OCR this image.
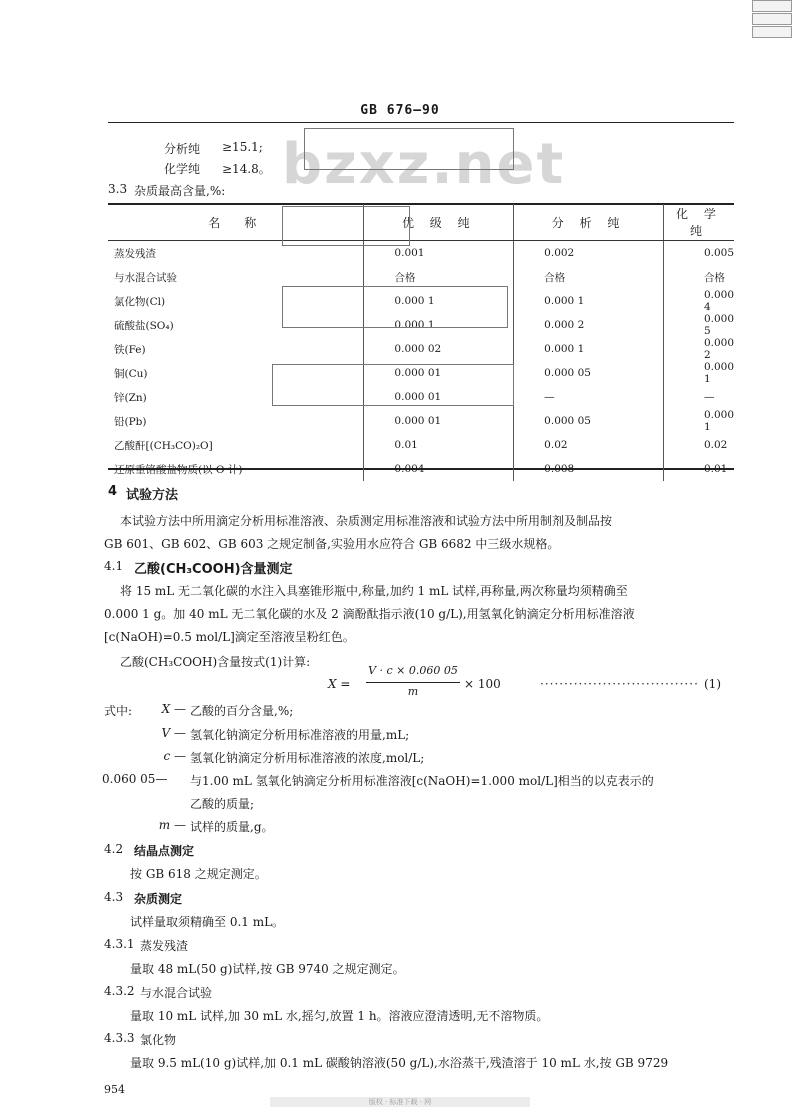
GB 676—90
bzxz.net
分析纯 ≥15.1;
化学纯 ≥14.8。
3.3 杂质最高含量,%:
名　称	优 级 纯	分 析 纯	化 学 纯
蒸发残渣	0.001	0.002	0.005
与水混合试验	合格	合格	合格
氯化物(Cl)	0.000 1	0.000 1	0.000 4
硫酸盐(SO₄)	0.000 1	0.000 2	0.000 5
铁(Fe)	0.000 02	0.000 1	0.000 2
铜(Cu)	0.000 01	0.000 05	0.000 1
锌(Zn)	0.000 01	—	—
铅(Pb)	0.000 01	0.000 05	0.000 1
乙酸酐[(CH₃CO)₂O]	0.01	0.02	0.02
还原重铬酸盐物质(以 O 计)	0.004	0.008	0.01
4 试验方法
本试验方法中所用滴定分析用标准溶液、杂质测定用标准溶液和试验方法中所用制剂及制品按
GB 601、GB 602、GB 603 之规定制备,实验用水应符合 GB 6682 中三级水规格。
4.1 乙酸(CH₃COOH)含量测定
将 15 mL 无二氧化碳的水注入具塞锥形瓶中,称量,加约 1 mL 试样,再称量,两次称量均须精确至
0.000 1 g。加 40 mL 无二氧化碳的水及 2 滴酚酞指示液(10 g/L),用氢氧化钠滴定分析用标准溶液
[c(NaOH)=0.5 mol/L]滴定至溶液呈粉红色。
乙酸(CH₃COOH)含量按式(1)计算:
X =
V · c × 0.060 05
m
× 100	································· (1)
式中:	X — 乙酸的百分含量,%;
V — 氢氧化钠滴定分析用标准溶液的用量,mL;
c — 氢氧化钠滴定分析用标准溶液的浓度,mol/L;
0.060 05— 与1.00 mL 氢氧化钠滴定分析用标准溶液[c(NaOH)=1.000 mol/L]相当的以克表示的
乙酸的质量;
m — 试样的质量,g。
4.2 结晶点测定
按 GB 618 之规定测定。
4.3 杂质测定
试样量取须精确至 0.1 mL。
4.3.1 蒸发残渣
量取 48 mL(50 g)试样,按 GB 9740 之规定测定。
4.3.2 与水混合试验
量取 10 mL 试样,加 30 mL 水,摇匀,放置 1 h。溶液应澄清透明,无不溶物质。
4.3.3 氯化物
量取 9.5 mL(10 g)试样,加 0.1 mL 碳酸钠溶液(50 g/L),水浴蒸干,残渣溶于 10 mL 水,按 GB 9729
954
版权 · 标准下载 · 网
